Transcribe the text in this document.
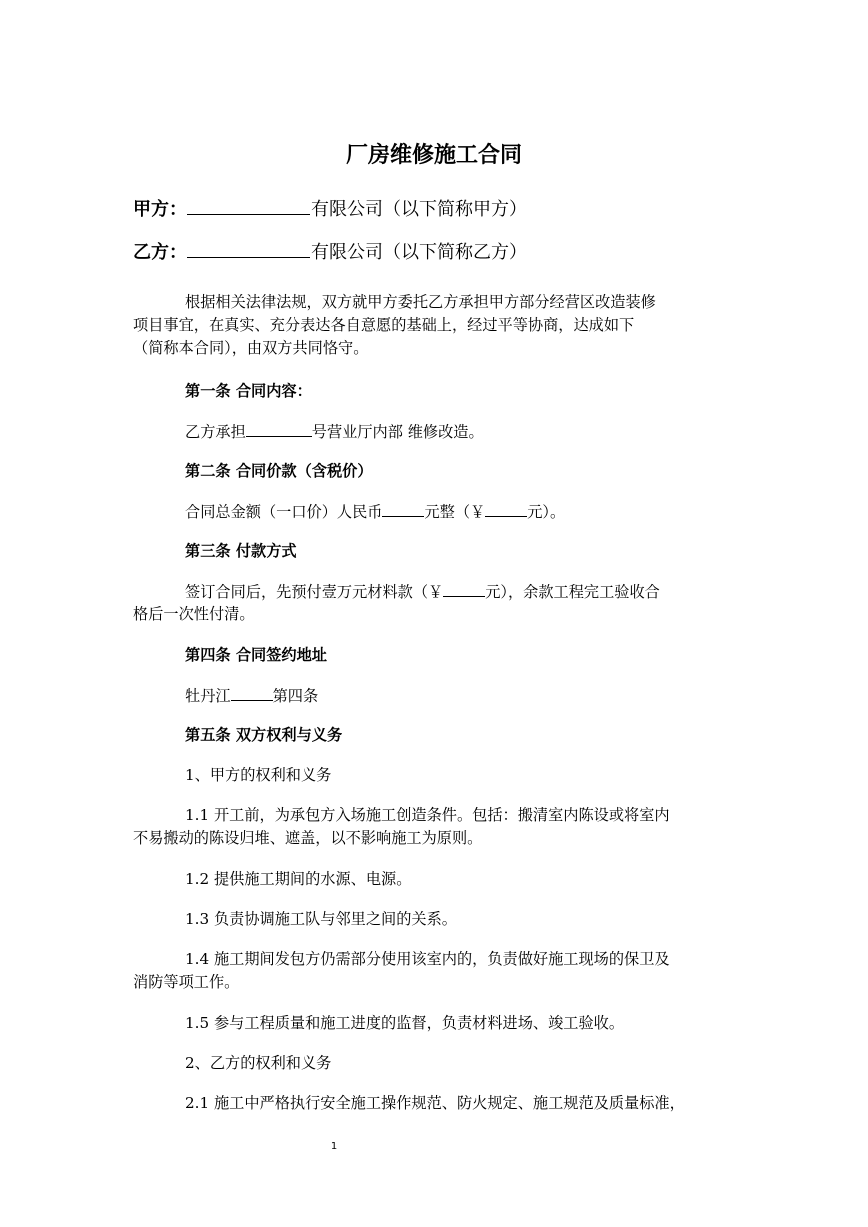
厂房维修施工合同
甲方：	有限公司（以下简称甲方）
乙方：	有限公司（以下简称乙方）
根据相关法律法规，双方就甲方委托乙方承担甲方部分经营区改造装修
项目事宜，在真实、充分表达各自意愿的基础上，经过平等协商，达成如下
（简称本合同），由双方共同恪守。
第一条 合同内容：
乙方承担	号营业厅内部 维修改造。
第二条 合同价款（含税价）
合同总金额（一口价）人民币	元整（￥	元）。
第三条 付款方式
签订合同后，先预付壹万元材料款（￥	元），余款工程完工验收合
格后一次性付清。
第四条 合同签约地址
牡丹江	第四条
第五条 双方权利与义务
1、甲方的权利和义务
1.1 开工前，为承包方入场施工创造条件。包括：搬清室内陈设或将室内
不易搬动的陈设归堆、遮盖，以不影响施工为原则。
1.2 提供施工期间的水源、电源。
1.3 负责协调施工队与邻里之间的关系。
1.4 施工期间发包方仍需部分使用该室内的，负责做好施工现场的保卫及
消防等项工作。
1.5 参与工程质量和施工进度的监督，负责材料进场、竣工验收。
2、乙方的权利和义务
2.1 施工中严格执行安全施工操作规范、防火规定、施工规范及质量标准，
1
